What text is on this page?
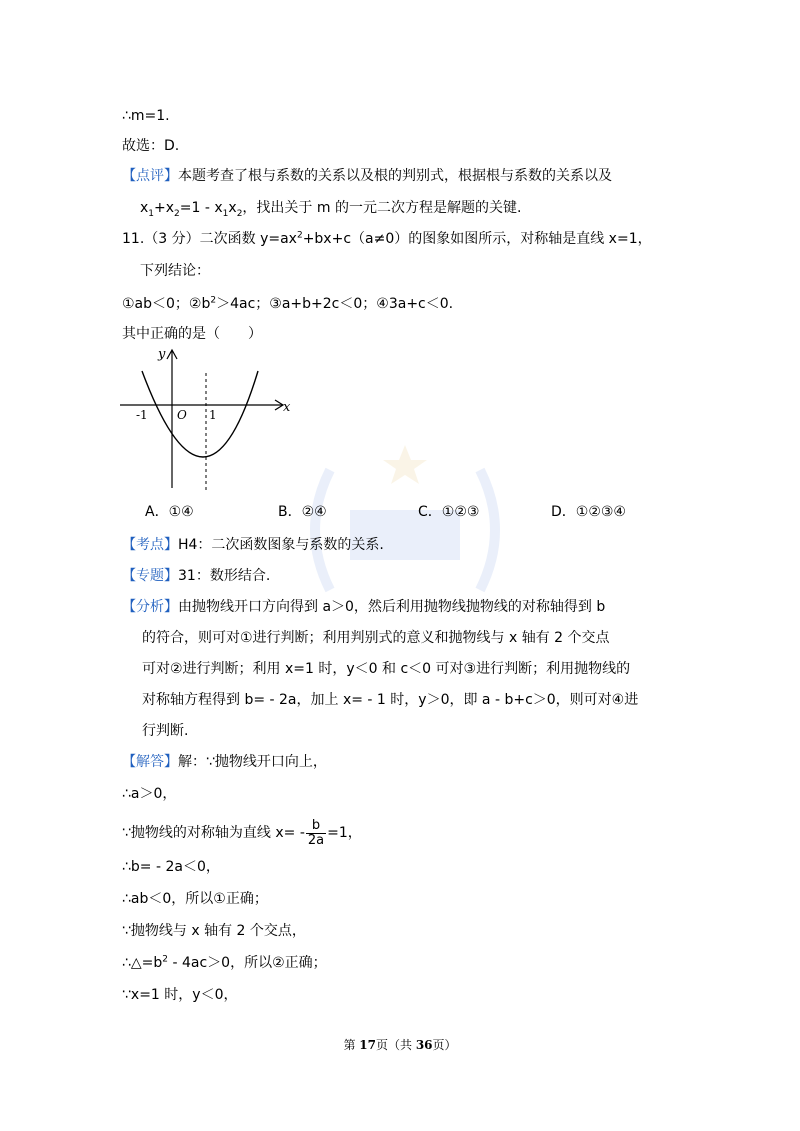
∴m=1.
故选：D.
【点评】本题考查了根与系数的关系以及根的判别式，根据根与系数的关系以及
$x_1+x_2=1 - x_1x_2$，找出关于 m 的一元二次方程是解题的关键.
11.（3 分）二次函数 $y=ax^2+bx+c(a\ne 0)$的图象如图所示，对称轴是直线 x=1，
下列结论：
①ab＜0；$②b^2>4ac$；③a+b+2c＜0；④3a+c＜0.
其中正确的是（　　）
y
x
O
-1	1
A．①④	B．②④	C．①②③	D．①②③④
【考点】H4：二次函数图象与系数的关系.
【专题】31：数形结合.
【分析】由抛物线开口方向得到 a＞0，然后利用抛物线抛物线的对称轴得到 b
的符合，则可对①进行判断；利用判别式的意义和抛物线与 x 轴有 2 个交点
可对②进行判断；利用 x=1 时，y＜0 和 c＜0 可对③进行判断；利用抛物线的
对称轴方程得到 b= - 2a，加上 x= - 1 时，y＞0，即 a - b+c＞0，则可对④进
行判断.
【解答】解：∵抛物线开口向上，
∴a＞0，
∵抛物线的对称轴为直线 $x= - \frac{b}{2a} =1$，
∴b= - 2a＜0，
∴ab＜0，所以①正确；
∵抛物线与 x 轴有 2 个交点，
$\therefore\triangle=b^2 - 4ac>0$，所以②正确；
∵x=1 时，y＜0，
第 17页（共 36页）
